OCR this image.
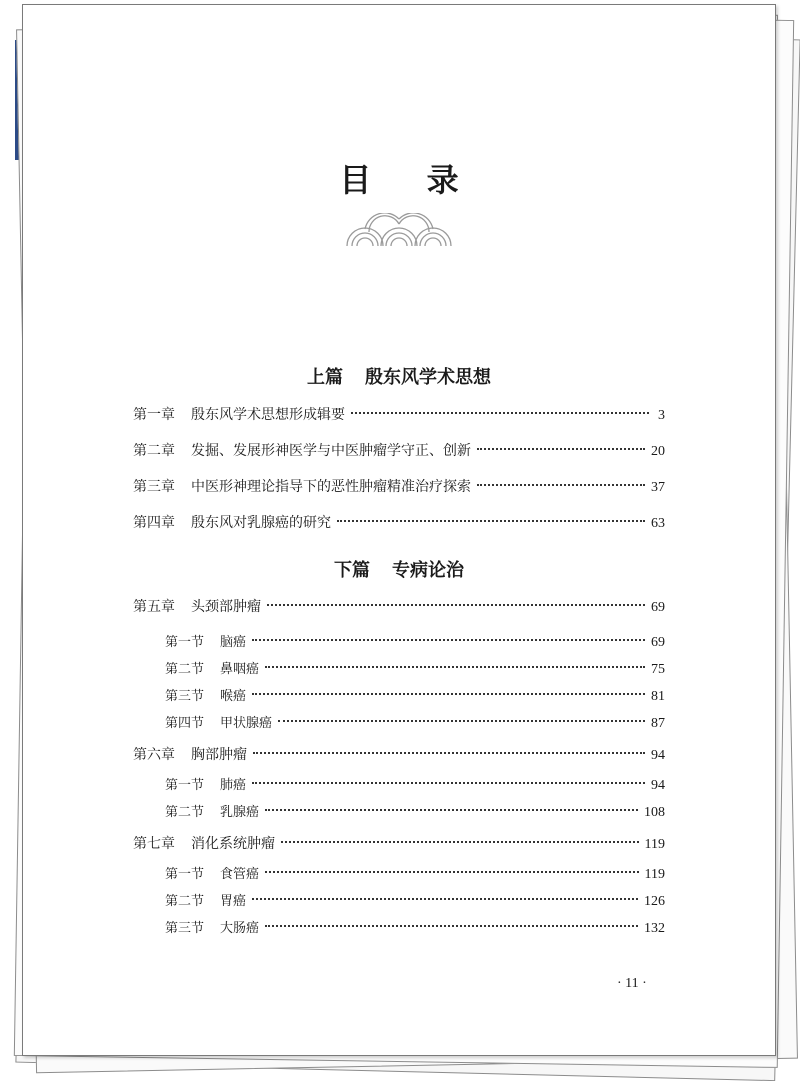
目 录
上篇 殷东风学术思想
第一章 殷东风学术思想形成辑要	3
第二章 发掘、发展形神医学与中医肿瘤学守正、创新	20
第三章 中医形神理论指导下的恶性肿瘤精准治疗探索	37
第四章 殷东风对乳腺癌的研究	63
下篇 专病论治
第五章 头颈部肿瘤	69
第一节 脑癌	69
第二节 鼻咽癌	75
第三节 喉癌	81
第四节 甲状腺癌	87
第六章 胸部肿瘤	94
第一节 肺癌	94
第二节 乳腺癌	108
第七章 消化系统肿瘤	119
第一节 食管癌	119
第二节 胃癌	126
第三节 大肠癌	132
· 11 ·
